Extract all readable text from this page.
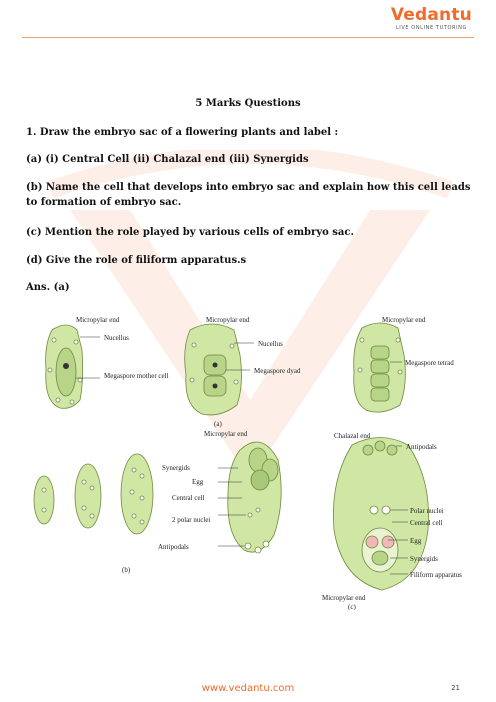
Vedantu
LIVE ONLINE TUTORING
5 Marks Questions
1. Draw the embryo sac of a flowering plants and label :
(a) (i) Central Cell (ii) Chalazal end (iii) Synergids
(b) Name the cell that develops into embryo sac and explain how this cell leads to formation of embryo sac.
(c) Mention the role played by various cells of embryo sac.
(d) Give the role of filiform apparatus.s
Ans. (a)
Micropylar end
Nucellus
Megaspore mother cell
Micropylar end
Nucellus
Megaspore dyad
Micropylar end
Megaspore tetrad
(a)
Micropylar end
Synergids
Egg
Central cell
2 polar nuclei
Antipodals
(b)
Chalazal end
Antipodals
Polar nuclei
Central cell
Egg
Synergids
Filiform apparatus
Micropylar end
(c)
www.vedantu.com	21
